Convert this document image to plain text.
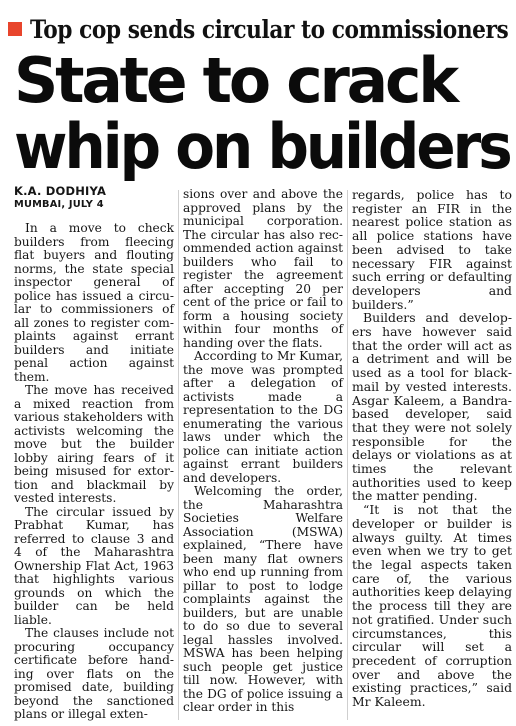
Top cop sends circular to commissioners
State to crack
whip on builders
K.A. DODHIYA
MUMBAI, JULY 4

In a move to check builders from fleecing flat buyers and flouting norms, the state special inspector general of police has issued a circular to commissioners of all zones to register complaints against errant builders and initiate penal action against them.

The move has received a mixed reaction from various stakeholders with activists welcoming the move but the builder lobby airing fears of it being misused for extortion and blackmail by vested interests.

The circular issued by Prabhat Kumar, has referred to clause 3 and 4 of the Maharashtra Ownership Flat Act, 1963 that highlights various grounds on which the builder can be held liable.

The clauses include not procuring occupancy certificate before handing over flats on the promised date, building beyond the sanctioned plans or illegal exten-

sions over and above the approved plans by the municipal corporation. The circular has also recommended action against builders who fail to register the agreement after accepting 20 per cent of the price or fail to form a housing society within four months of handing over the flats.

According to Mr Kumar, the move was prompted after a delegation of activists made a representation to the DG enumerating the various laws under which the police can initiate action against errant builders and developers.

Welcoming the order, the Maharashtra Societies Welfare Association (MSWA) explained, “There have been many flat owners who end up running from pillar to post to lodge complaints against the builders, but are unable to do so due to several legal hassles involved. MSWA has been helping such people get justice till now. However, with the DG of police issuing a clear order in this

regards, police has to register an FIR in the nearest police station as all police stations have been advised to take necessary FIR against such erring or defaulting developers and builders.”

Builders and developers have however said that the order will act as a detriment and will be used as a tool for blackmail by vested interests. Asgar Kaleem, a Bandra-based developer, said that they were not solely responsible for the delays or violations as at times the relevant authorities used to keep the matter pending.

“It is not that the developer or builder is always guilty. At times even when we try to get the legal aspects taken care of, the various authorities keep delaying the process till they are not gratified. Under such circumstances, this circular will set a precedent of corruption over and above the existing practices,” said Mr Kaleem.
